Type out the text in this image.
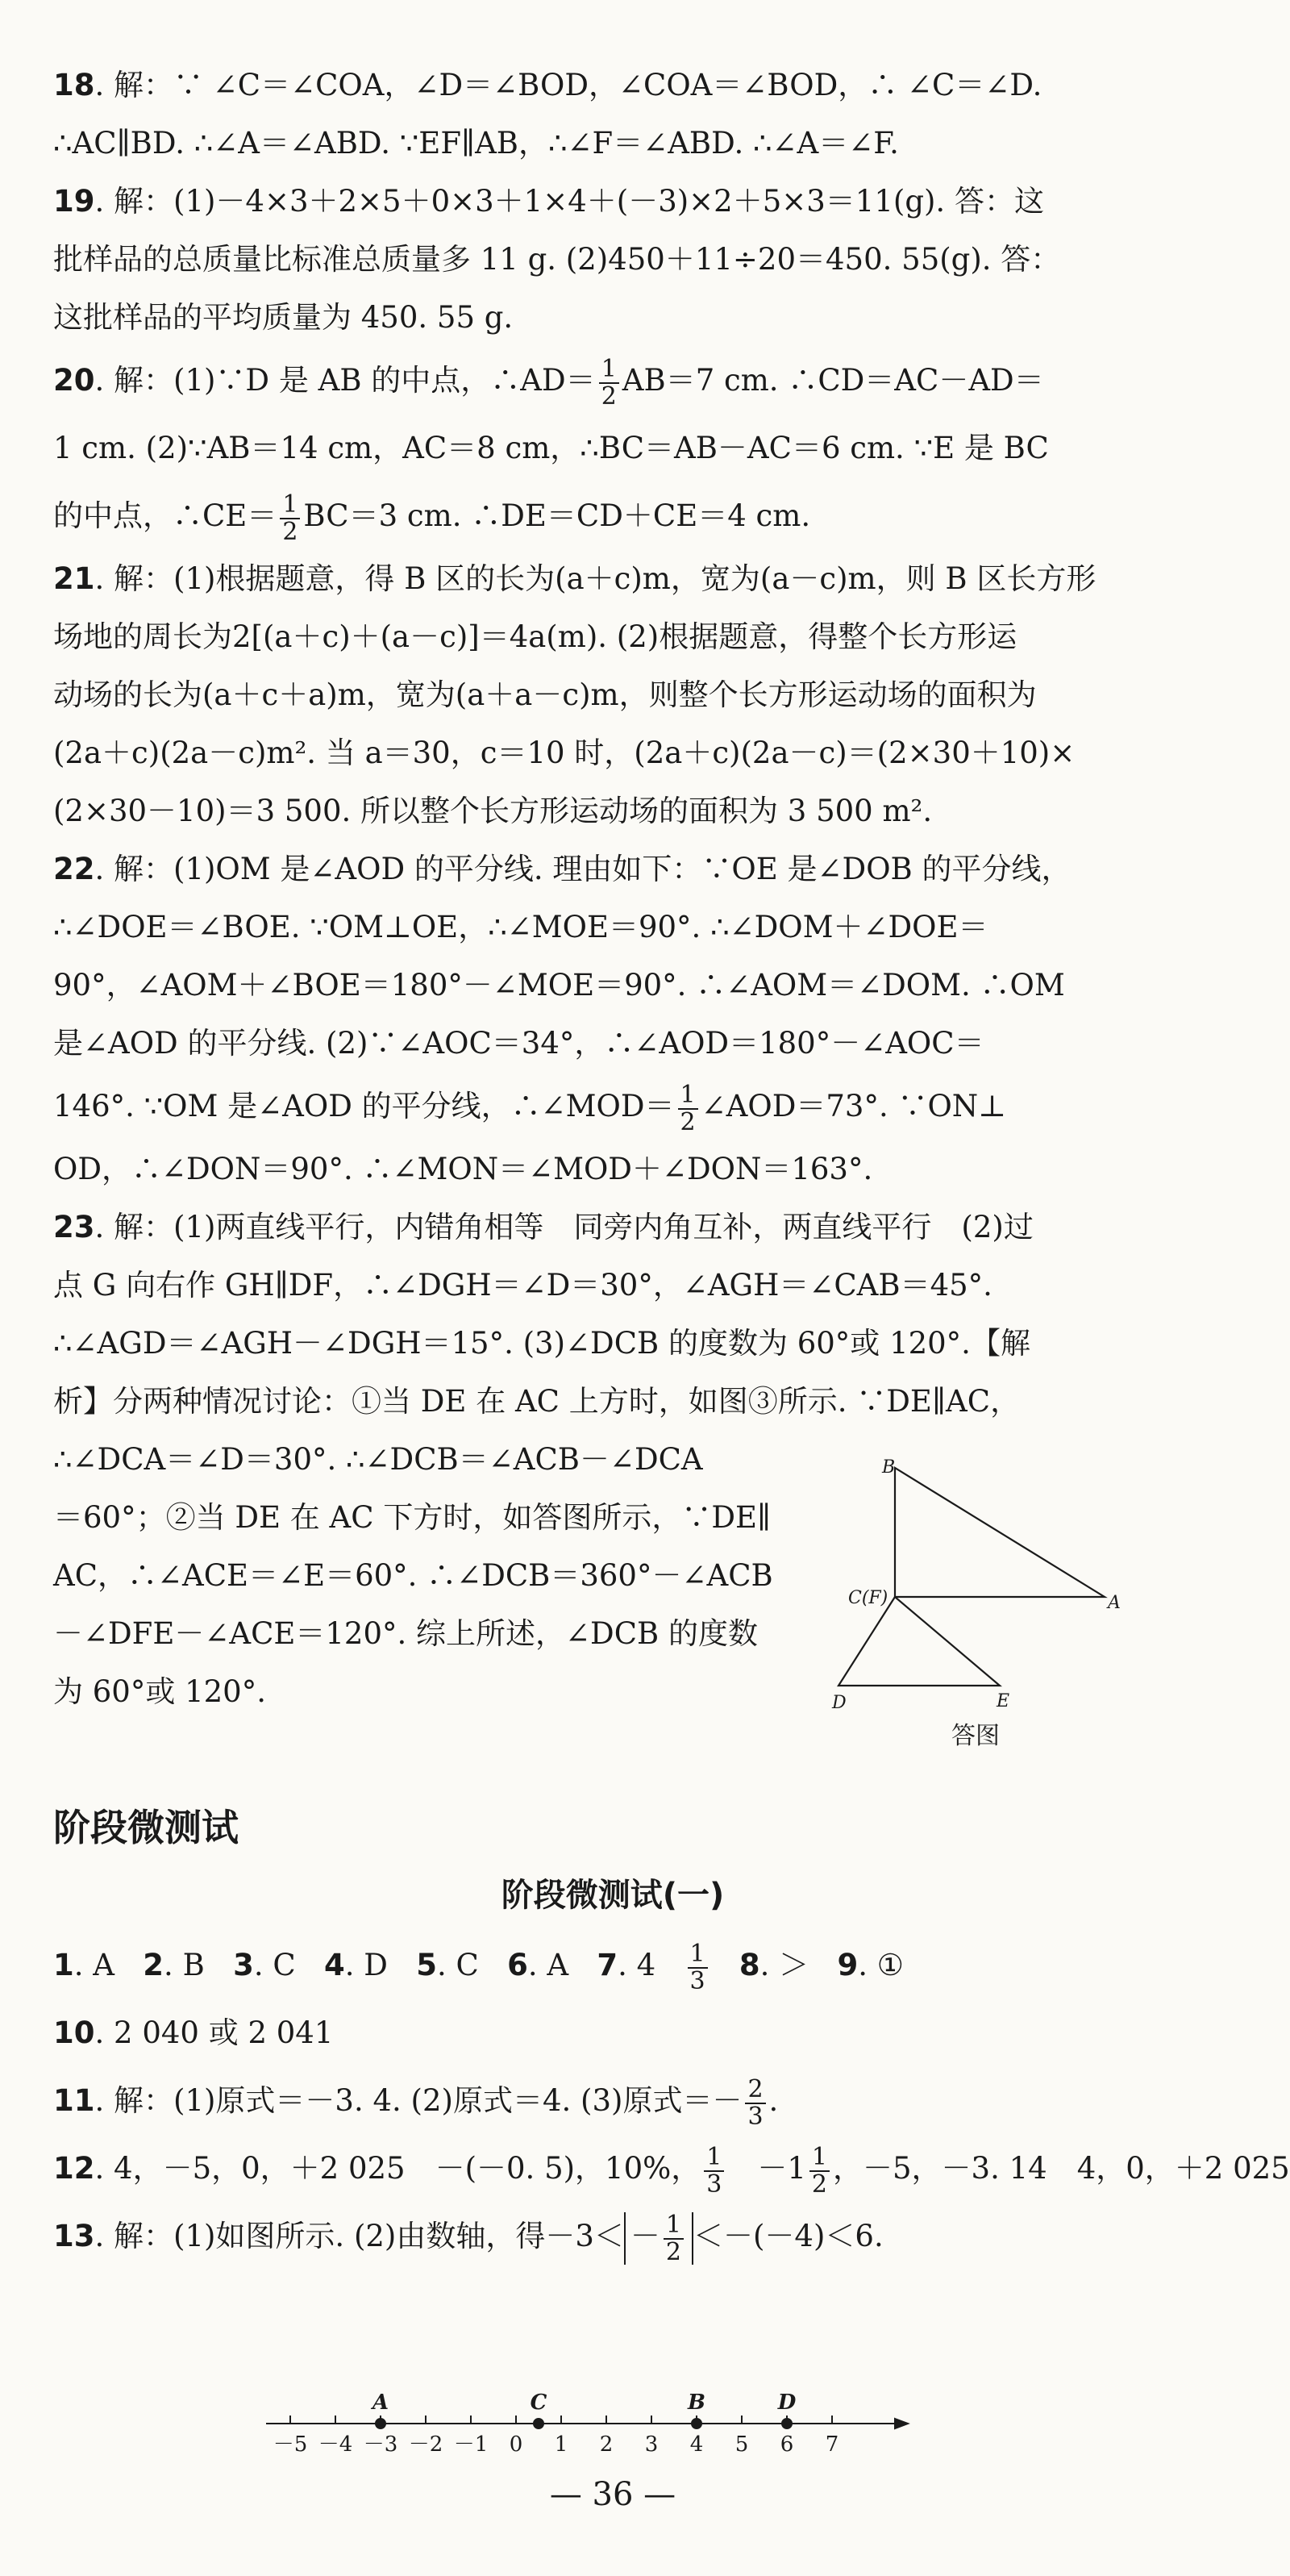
18. 解：∵ ∠C＝∠COA，∠D＝∠BOD，∠COA＝∠BOD，∴ ∠C＝∠D.
∴AC∥BD. ∴∠A＝∠ABD. ∵EF∥AB，∴∠F＝∠ABD. ∴∠A＝∠F.

19. 解：(1)－4×3＋2×5＋0×3＋1×4＋(－3)×2＋5×3＝11(g). 答：这
批样品的总质量比标准总质量多 11 g. (2)450＋11÷20＝450. 55(g). 答：
这批样品的平均质量为 450. 55 g.

20. 解：(1)∵D 是 AB 的中点，∴AD＝ $\frac{1}{2} AB=7$ cm. ∴CD＝AC－AD＝
1 cm. (2)∵AB＝14 cm，AC＝8 cm，∴BC＝AB－AC＝6 cm. ∵E 是 BC
的中点，∴CE＝ $\frac{1}{2} BC=3$ cm. ∴DE＝CD＋CE＝4 cm.

21. 解：(1)根据题意，得 B 区的长为(a＋c)m，宽为(a－c)m，则 B 区长方形
场地的周长为2[(a＋c)＋(a－c)]＝4a(m). (2)根据题意，得整个长方形运
动场的长为(a＋c＋a)m，宽为(a＋a－c)m，则整个长方形运动场的面积为
(2a＋c)(2a－c)m². 当 a＝30，c＝10 时，(2a＋c)(2a－c)＝(2×30＋10)×
(2×30－10)＝3 500. 所以整个长方形运动场的面积为 3 500 m².

22. 解：(1)OM 是∠AOD 的平分线. 理由如下：∵OE 是∠DOB 的平分线，
∴∠DOE＝∠BOE. ∵OM⊥OE，∴∠MOE＝90°. ∴∠DOM＋∠DOE＝
90°，∠AOM＋∠BOE＝180°－∠MOE＝90°. ∴∠AOM＝∠DOM. ∴OM
是∠AOD 的平分线. (2)∵∠AOC＝34°，∴∠AOD＝180°－∠AOC＝
146°. ∵OM 是∠AOD 的平分线，∴∠MOD＝ $\frac{1}{2}$ ∠AOD＝73°. ∵ON⊥
OD，∴∠DON＝90°. ∴∠MON＝∠MOD＋∠DON＝163°.

23. 解：(1)两直线平行，内错角相等　同旁内角互补，两直线平行　(2)过
点 G 向右作 GH∥DF，∴∠DGH＝∠D＝30°，∠AGH＝∠CAB＝45°.
∴∠AGD＝∠AGH－∠DGH＝15°. (3)∠DCB 的度数为 60°或 120°.【解
析】分两种情况讨论：①当 DE 在 AC 上方时，如图③所示. ∵DE∥AC，
∴∠DCA＝∠D＝30°. ∴∠DCB＝∠ACB－∠DCA
＝60°；②当 DE 在 AC 下方时，如答图所示，∵DE∥
AC，∴∠ACE＝∠E＝60°. ∴∠DCB＝360°－∠ACB
－∠DFE－∠ACE＝120°. 综上所述，∠DCB 的度数
为 60°或 120°.

B
C(F)	A
D	E
答图
阶段微测试
阶段微测试(一)
1. A 2. B 3. C 4. D 5. C 6. A 7. $4 \frac{1}{3} 8$. ＞ 9. ①
10. 2 040 或 2 041
11. 解：(1)原式＝－3. 4. (2)原式＝4. (3)原式＝－ $\frac{2}{3}$ .
12. 4，－5，0，＋2 025　－(－0. 5)，10%， $\frac{1}{3}$ 　$-1 \frac{1}{2}$ ，－5，－3. 14　4，0，＋2 025
13. 解：(1)如图所示. (2)由数轴，得$-3< - \frac{1}{2} <-(-4)<6$.
－5 －4 －3 －2 －1 0 1 2 3 4 5 6 7
A	C	B	D
— 36 —
